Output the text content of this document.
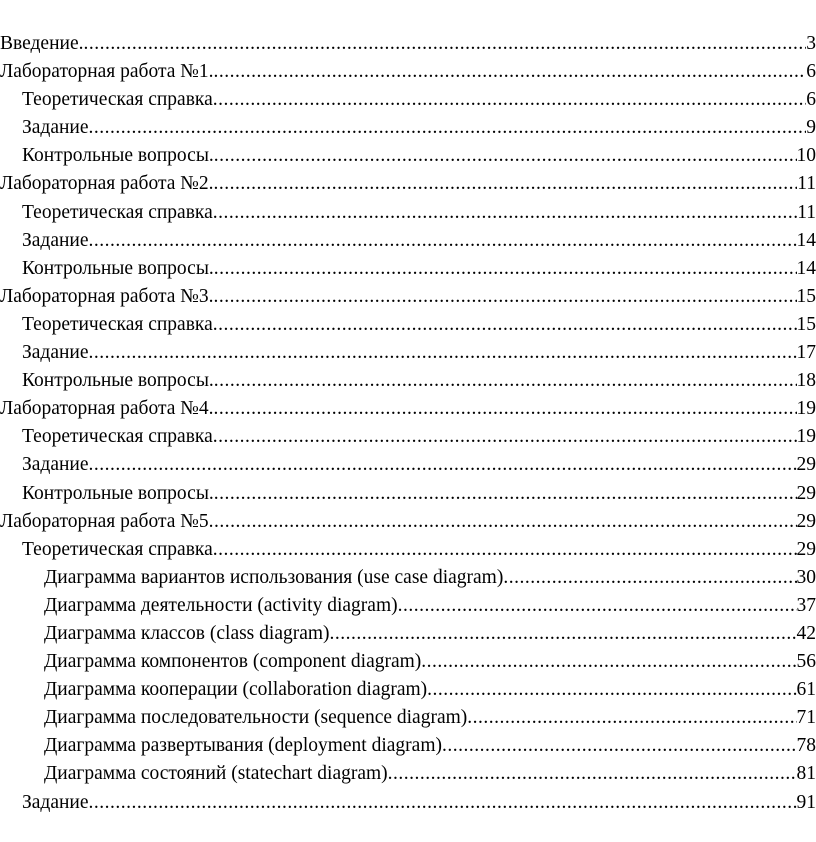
Введение. .....	3
Лабораторная работа №1. .....	6
Теоретическая справка .....	6
Задание .....	9
Контрольные вопросы. .....	10
Лабораторная работа №2. .....	11
Теоретическая справка .....	11
Задание .....	14
Контрольные вопросы. .....	14
Лабораторная работа №3. .....	15
Теоретическая справка .....	15
Задание .....	17
Контрольные вопросы. .....	18
Лабораторная работа №4. .....	19
Теоретическая справка .....	19
Задание .....	29
Контрольные вопросы. .....	29
Лабораторная работа №5 .....	29
Теоретическая справка .....	29
Диаграмма вариантов использования (use case diagram) .....	30
Диаграмма деятельности (activity diagram) .....	37
Диаграмма классов (class diagram) .....	42
Диаграмма компонентов (component diagram) .....	56
Диаграмма кооперации (collaboration diagram) .....	61
Диаграмма последовательности (sequence diagram) .....	71
Диаграмма развертывания (deployment diagram) .....	78
Диаграмма состояний (statechart diagram) .....	81
Задание .....	91
